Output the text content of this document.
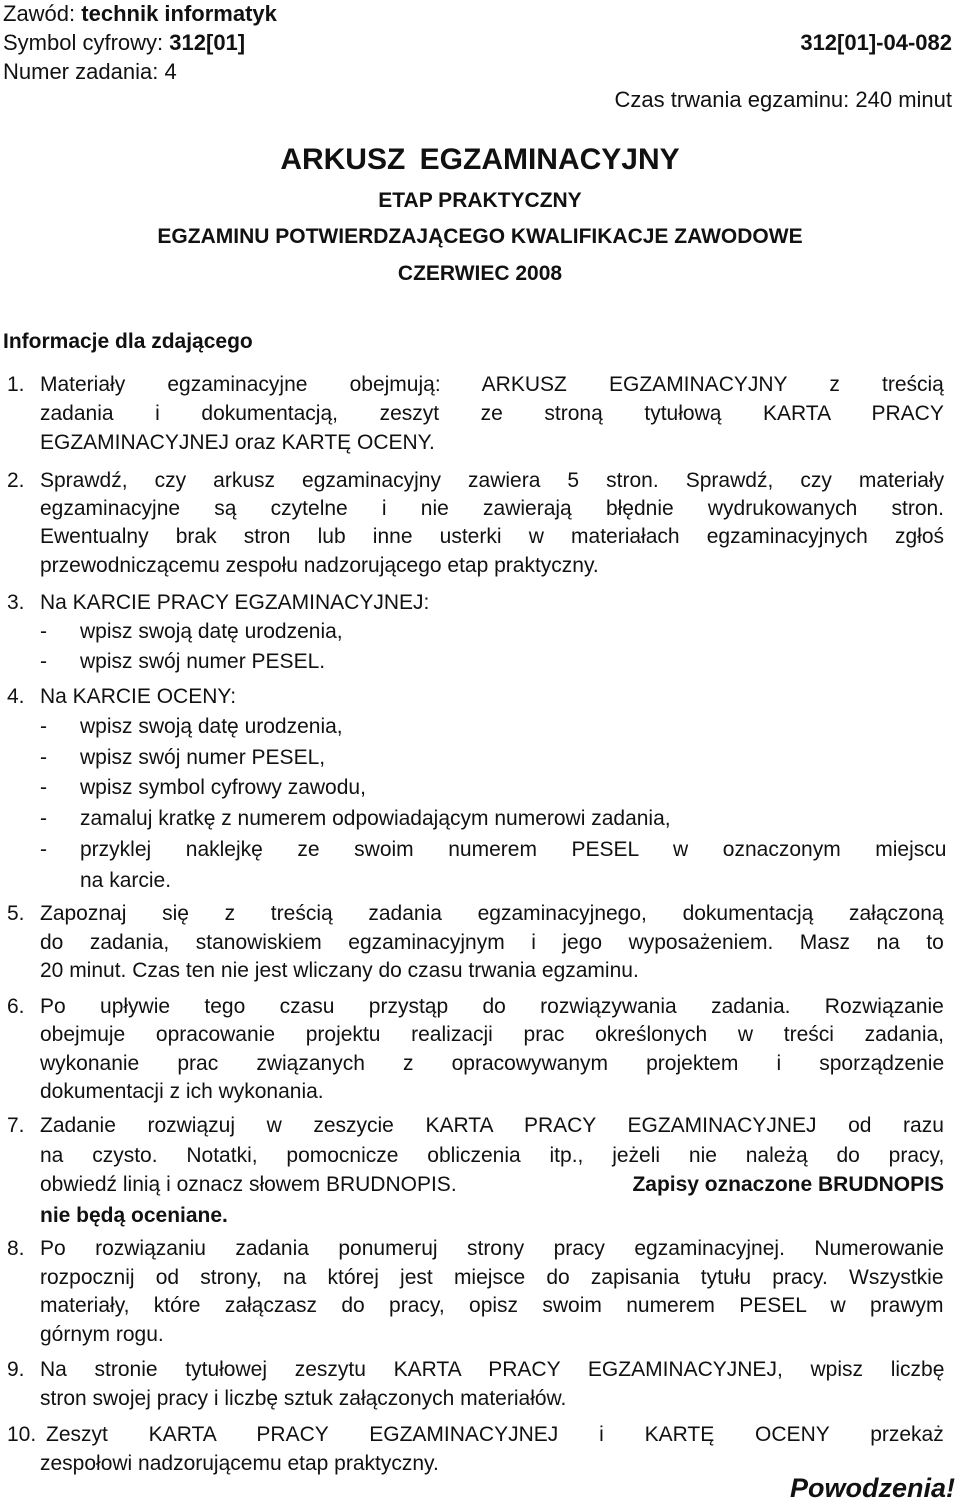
Zawód: technik informatyk
Symbol cyfrowy: 312[01]	312[01]-04-082
Numer zadania: 4
Czas trwania egzaminu: 240 minut
ARKUSZ EGZAMINACYJNY
ETAP PRAKTYCZNY
EGZAMINU POTWIERDZAJĄCEGO KWALIFIKACJE ZAWODOWE
CZERWIEC 2008
Informacje dla zdającego
1. Materiały egzaminacyjne obejmują: ARKUSZ EGZAMINACYJNY z treścią
zadania i dokumentacją, zeszyt ze stroną tytułową KARTA PRACY
EGZAMINACYJNEJ oraz KARTĘ OCENY.
2. Sprawdź, czy arkusz egzaminacyjny zawiera 5 stron. Sprawdź, czy materiały
egzaminacyjne są czytelne i nie zawierają błędnie wydrukowanych stron.
Ewentualny brak stron lub inne usterki w materiałach egzaminacyjnych zgłoś
przewodniczącemu zespołu nadzorującego etap praktyczny.
3. Na KARCIE PRACY EGZAMINACYJNEJ:
- wpisz swoją datę urodzenia,
- wpisz swój numer PESEL.
4. Na KARCIE OCENY:
- wpisz swoją datę urodzenia,
- wpisz swój numer PESEL,
- wpisz symbol cyfrowy zawodu,
- zamaluj kratkę z numerem odpowiadającym numerowi zadania,
- przyklej naklejkę ze swoim numerem PESEL w oznaczonym miejscu
na karcie.
5. Zapoznaj się z treścią zadania egzaminacyjnego, dokumentacją załączoną
do zadania, stanowiskiem egzaminacyjnym i jego wyposażeniem. Masz na to
20 minut. Czas ten nie jest wliczany do czasu trwania egzaminu.
6. Po upływie tego czasu przystąp do rozwiązywania zadania. Rozwiązanie
obejmuje opracowanie projektu realizacji prac określonych w treści zadania,
wykonanie prac związanych z opracowywanym projektem i sporządzenie
dokumentacji z ich wykonania.
7. Zadanie rozwiązuj w zeszycie KARTA PRACY EGZAMINACYJNEJ od razu
na czysto. Notatki, pomocnicze obliczenia itp., jeżeli nie należą do pracy,
obwiedź linią i oznacz słowem BRUDNOPIS.	Zapisy oznaczone BRUDNOPIS
nie będą oceniane.
8. Po rozwiązaniu zadania ponumeruj strony pracy egzaminacyjnej. Numerowanie
rozpocznij od strony, na której jest miejsce do zapisania tytułu pracy. Wszystkie
materiały, które załączasz do pracy, opisz swoim numerem PESEL w prawym
górnym rogu.
9. Na stronie tytułowej zeszytu KARTA PRACY EGZAMINACYJNEJ, wpisz liczbę
stron swojej pracy i liczbę sztuk załączonych materiałów.
10. Zeszyt KARTA PRACY EGZAMINACYJNEJ i KARTĘ OCENY przekaż
zespołowi nadzorującemu etap praktyczny.
Powodzenia!
